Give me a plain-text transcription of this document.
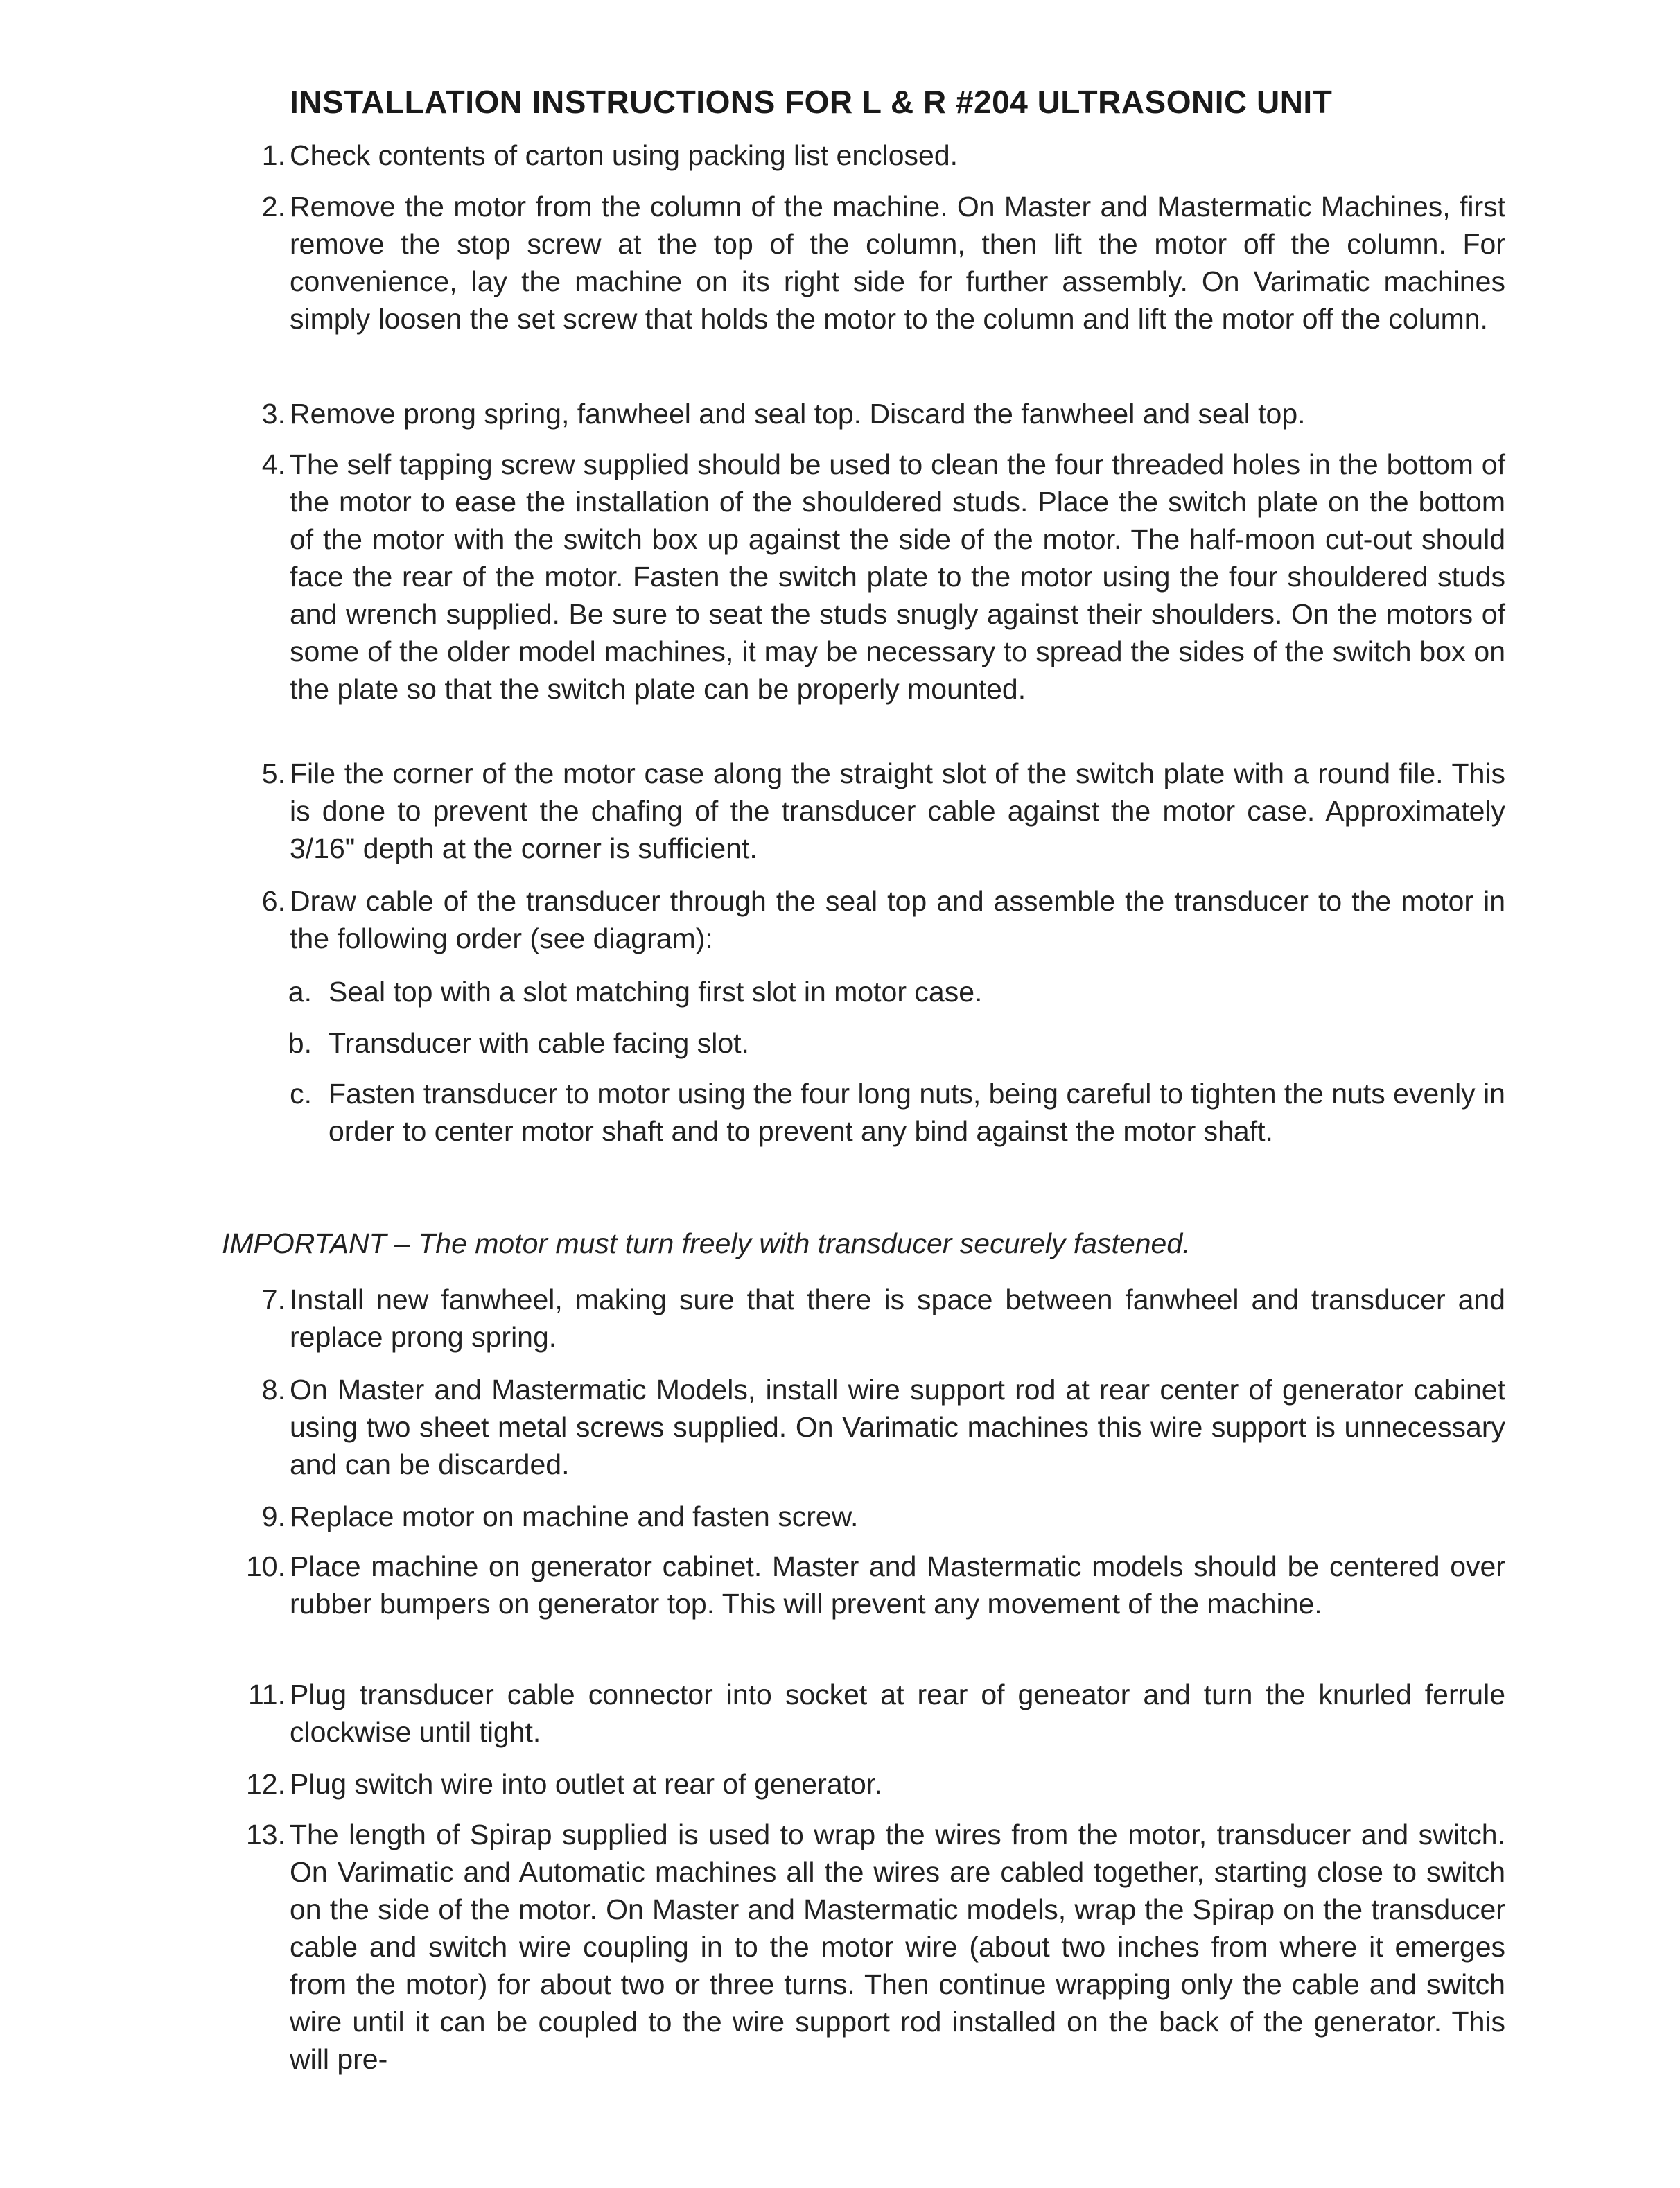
INSTALLATION INSTRUCTIONS FOR L & R #204 ULTRASONIC UNIT
1. Check contents of carton using packing list enclosed.
2. Remove the motor from the column of the machine. On Master and Mastermatic Machines, first remove the stop screw at the top of the column, then lift the motor off the column. For convenience, lay the machine on its right side for further assembly. On Varimatic machines simply loosen the set screw that holds the motor to the column and lift the motor off the column.
3. Remove prong spring, fanwheel and seal top. Discard the fanwheel and seal top.
4. The self tapping screw supplied should be used to clean the four threaded holes in the bottom of the motor to ease the installation of the shouldered studs. Place the switch plate on the bottom of the motor with the switch box up against the side of the motor. The half-moon cut-out should face the rear of the motor. Fasten the switch plate to the motor using the four shouldered studs and wrench supplied. Be sure to seat the studs snugly against their shoulders. On the motors of some of the older model machines, it may be necessary to spread the sides of the switch box on the plate so that the switch plate can be properly mounted.
5. File the corner of the motor case along the straight slot of the switch plate with a round file. This is done to prevent the chafing of the transducer cable against the motor case. Approximately 3/16" depth at the corner is sufficient.
6. Draw cable of the transducer through the seal top and assemble the transducer to the motor in the following order (see diagram):
a. Seal top with a slot matching first slot in motor case.
b. Transducer with cable facing slot.
c. Fasten transducer to motor using the four long nuts, being careful to tighten the nuts evenly in order to center motor shaft and to prevent any bind against the motor shaft.
IMPORTANT – The motor must turn freely with transducer securely fastened.
7. Install new fanwheel, making sure that there is space between fanwheel and transducer and replace prong spring.
8. On Master and Mastermatic Models, install wire support rod at rear center of generator cabinet using two sheet metal screws supplied. On Varimatic machines this wire support is unnecessary and can be discarded.
9. Replace motor on machine and fasten screw.
10. Place machine on generator cabinet. Master and Mastermatic models should be centered over rubber bumpers on generator top. This will prevent any movement of the machine.
11. Plug transducer cable connector into socket at rear of geneator and turn the knurled ferrule clockwise until tight.
12. Plug switch wire into outlet at rear of generator.
13. The length of Spirap supplied is used to wrap the wires from the motor, transducer and switch. On Varimatic and Automatic machines all the wires are cabled together, starting close to switch on the side of the motor. On Master and Mastermatic models, wrap the Spirap on the transducer cable and switch wire coupling in to the motor wire (about two inches from where it emerges from the motor) for about two or three turns. Then continue wrapping only the cable and switch wire until it can be coupled to the wire support rod installed on the back of the generator. This will pre-
